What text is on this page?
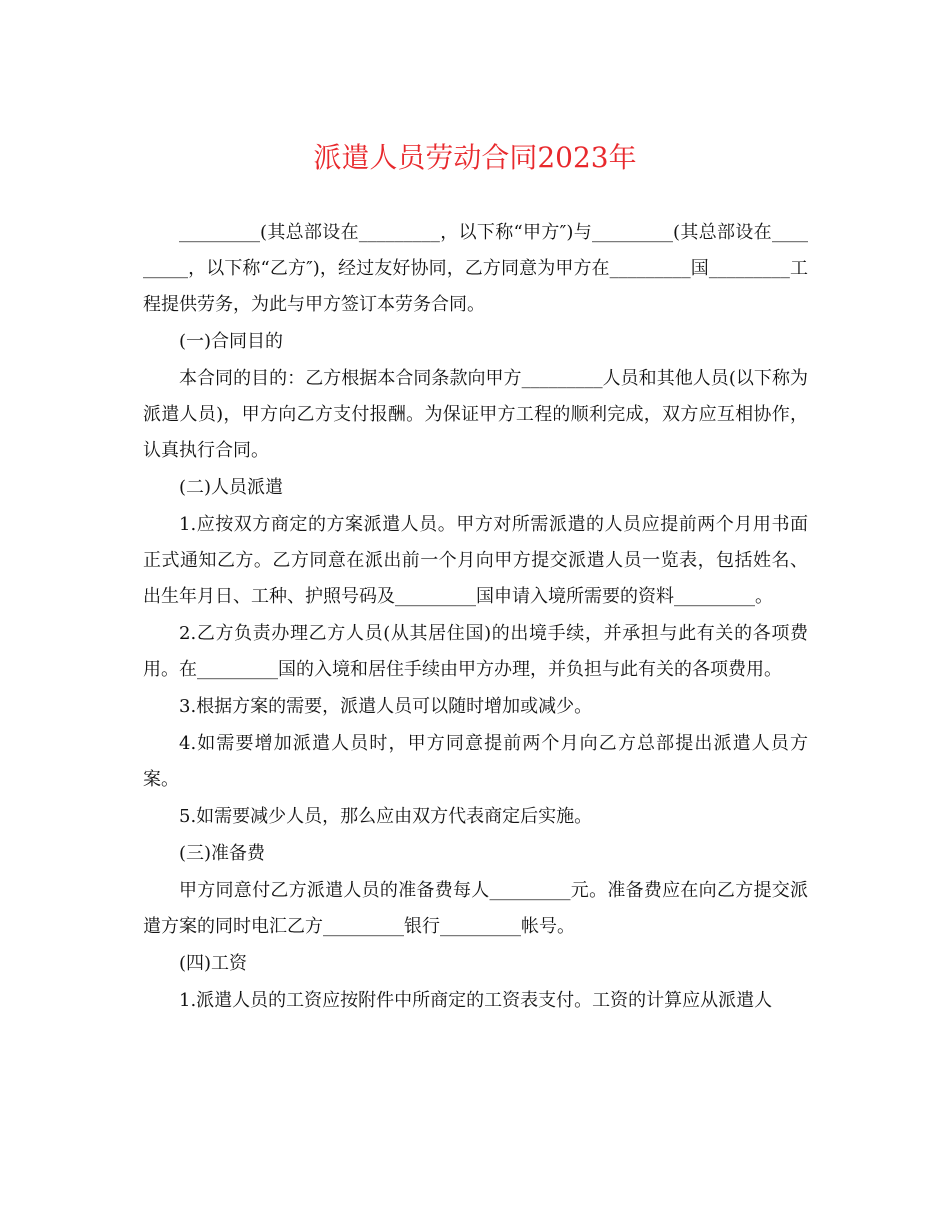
派遣人员劳动合同2023年

_________(其总部设在_________，以下称“甲方″)与_________(其总部设在_________，以下称“乙方″)，经过友好协同，乙方同意为甲方在_________国_________工程提供劳务，为此与甲方签订本劳务合同。

(一)合同目的

本合同的目的：乙方根据本合同条款向甲方_________人员和其他人员(以下称为派遣人员)，甲方向乙方支付报酬。为保证甲方工程的顺利完成，双方应互相协作，认真执行合同。

(二)人员派遣

1.应按双方商定的方案派遣人员。甲方对所需派遣的人员应提前两个月用书面正式通知乙方。乙方同意在派出前一个月向甲方提交派遣人员一览表，包括姓名、出生年月日、工种、护照号码及_________国申请入境所需要的资料_________。

2.乙方负责办理乙方人员(从其居住国)的出境手续，并承担与此有关的各项费用。在_________国的入境和居住手续由甲方办理，并负担与此有关的各项费用。

3.根据方案的需要，派遣人员可以随时增加或减少。

4.如需要增加派遣人员时，甲方同意提前两个月向乙方总部提出派遣人员方案。

5.如需要减少人员，那么应由双方代表商定后实施。

(三)准备费

甲方同意付乙方派遣人员的准备费每人_________元。准备费应在向乙方提交派遣方案的同时电汇乙方_________银行_________帐号。

(四)工资

1.派遣人员的工资应按附件中所商定的工资表支付。工资的计算应从派遣人
